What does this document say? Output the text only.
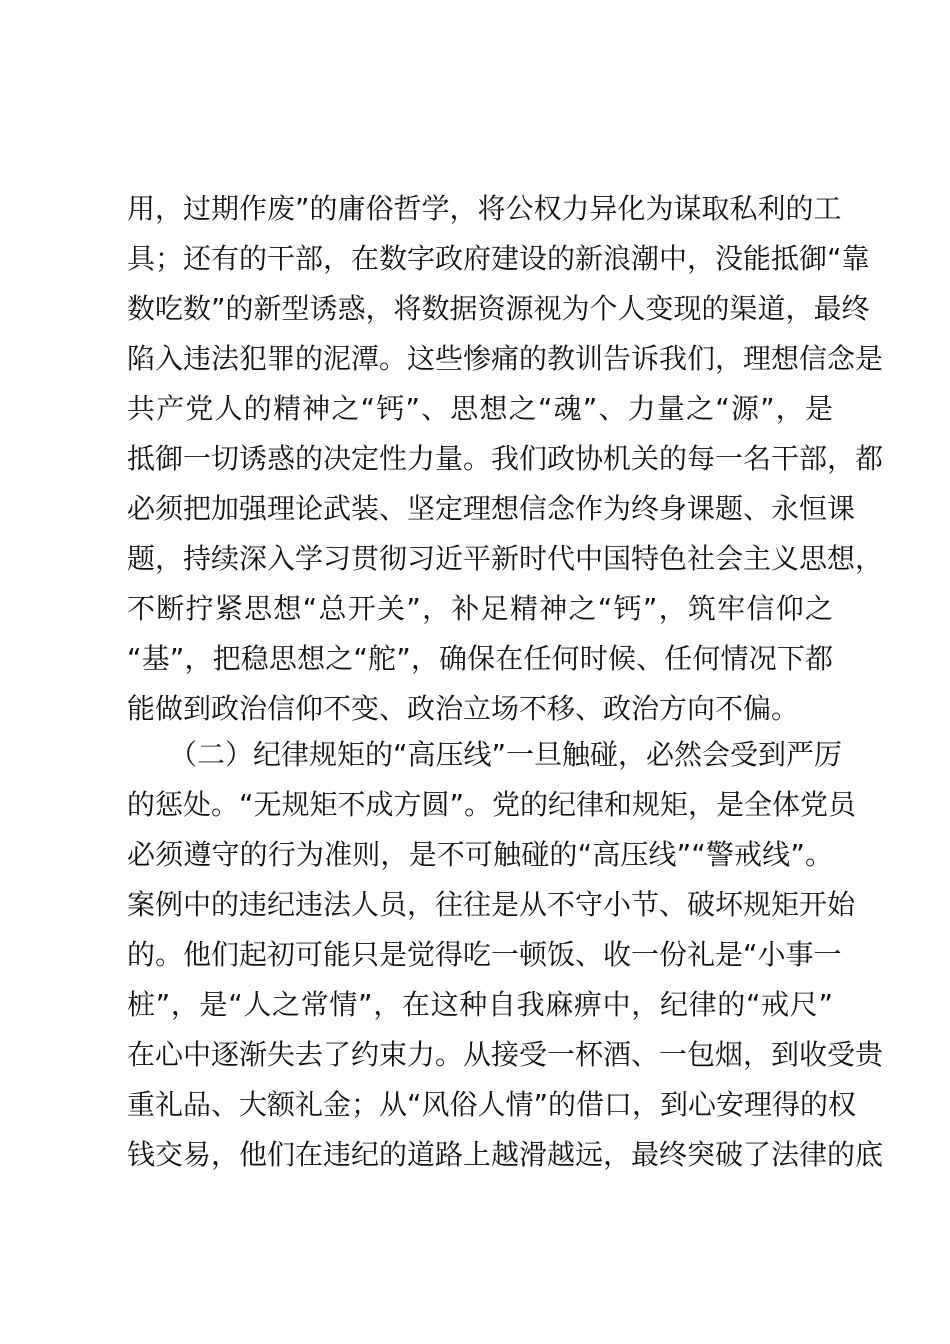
用，过期作废”的庸俗哲学，将公权力异化为谋取私利的工
具；还有的干部，在数字政府建设的新浪潮中，没能抵御“靠
数吃数”的新型诱惑，将数据资源视为个人变现的渠道，最终
陷入违法犯罪的泥潭。这些惨痛的教训告诉我们，理想信念是
共产党人的精神之“钙”、思想之“魂”、力量之“源”，是
抵御一切诱惑的决定性力量。我们政协机关的每一名干部，都
必须把加强理论武装、坚定理想信念作为终身课题、永恒课
题，持续深入学习贯彻习近平新时代中国特色社会主义思想，
不断拧紧思想“总开关”，补足精神之“钙”，筑牢信仰之
“基”，把稳思想之“舵”，确保在任何时候、任何情况下都
能做到政治信仰不变、政治立场不移、政治方向不偏。
　　（二）纪律规矩的“高压线”一旦触碰，必然会受到严厉
的惩处。“无规矩不成方圆”。党的纪律和规矩，是全体党员
必须遵守的行为准则，是不可触碰的“高压线”“警戒线”。
案例中的违纪违法人员，往往是从不守小节、破坏规矩开始
的。他们起初可能只是觉得吃一顿饭、收一份礼是“小事一
桩”，是“人之常情”，在这种自我麻痹中，纪律的“戒尺”
在心中逐渐失去了约束力。从接受一杯酒、一包烟，到收受贵
重礼品、大额礼金；从“风俗人情”的借口，到心安理得的权
钱交易，他们在违纪的道路上越滑越远，最终突破了法律的底
